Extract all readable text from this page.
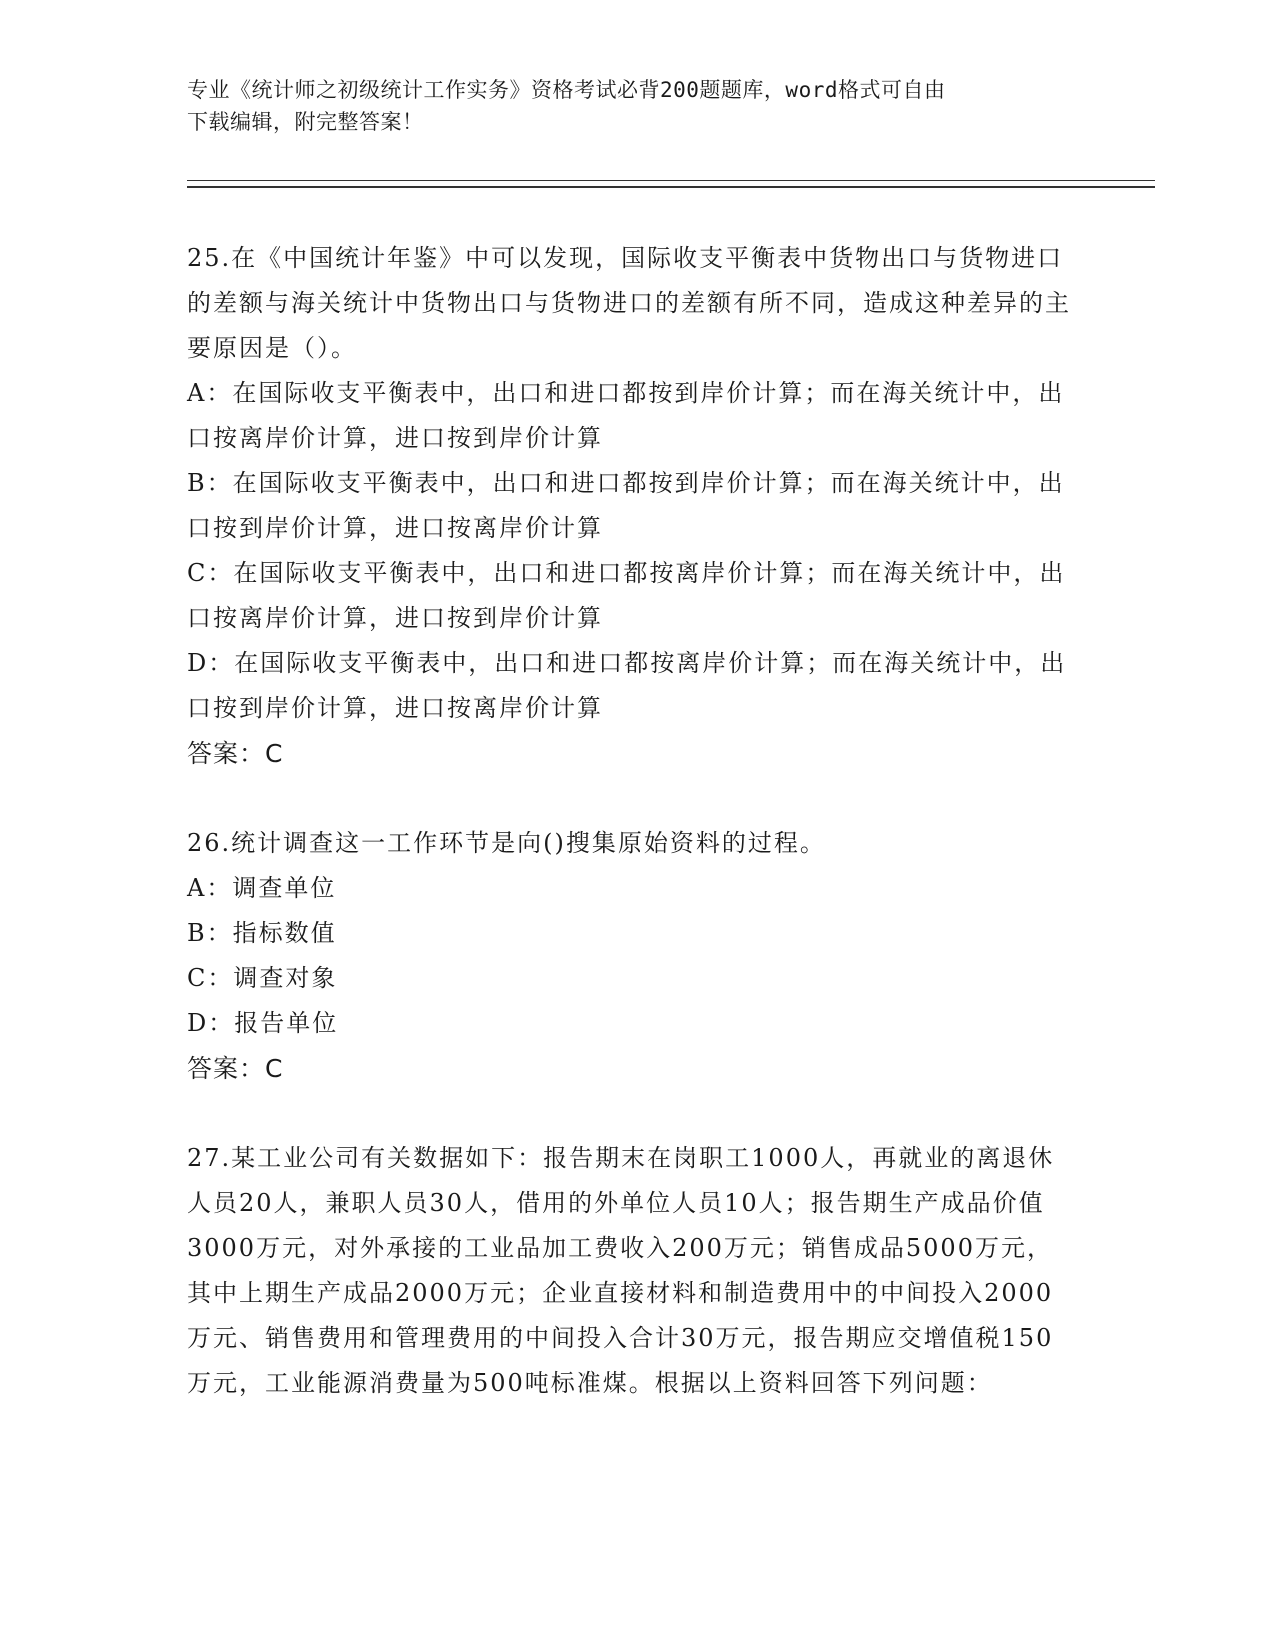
专业《统计师之初级统计工作实务》资格考试必背200题题库，word格式可自由
下载编辑，附完整答案！

25.在《中国统计年鉴》中可以发现，国际收支平衡表中货物出口与货物进口的差额与海关统计中货物出口与货物进口的差额有所不同，造成这种差异的主要原因是（）。

A：在国际收支平衡表中，出口和进口都按到岸价计算；而在海关统计中，出口按离岸价计算，进口按到岸价计算

B：在国际收支平衡表中，出口和进口都按到岸价计算；而在海关统计中，出口按到岸价计算，进口按离岸价计算

C：在国际收支平衡表中，出口和进口都按离岸价计算；而在海关统计中，出口按离岸价计算，进口按到岸价计算

D：在国际收支平衡表中，出口和进口都按离岸价计算；而在海关统计中，出口按到岸价计算，进口按离岸价计算

答案：C

26.统计调查这一工作环节是向()搜集原始资料的过程。

A：调查单位

B：指标数值

C：调查对象

D：报告单位

答案：C

27.某工业公司有关数据如下：报告期末在岗职工1000人，再就业的离退休人员20人，兼职人员30人，借用的外单位人员10人；报告期生产成品价值3000万元，对外承接的工业品加工费收入200万元；销售成品5000万元，其中上期生产成品2000万元；企业直接材料和制造费用中的中间投入2000万元、销售费用和管理费用的中间投入合计30万元，报告期应交增值税150万元，工业能源消费量为500吨标准煤。根据以上资料回答下列问题：
